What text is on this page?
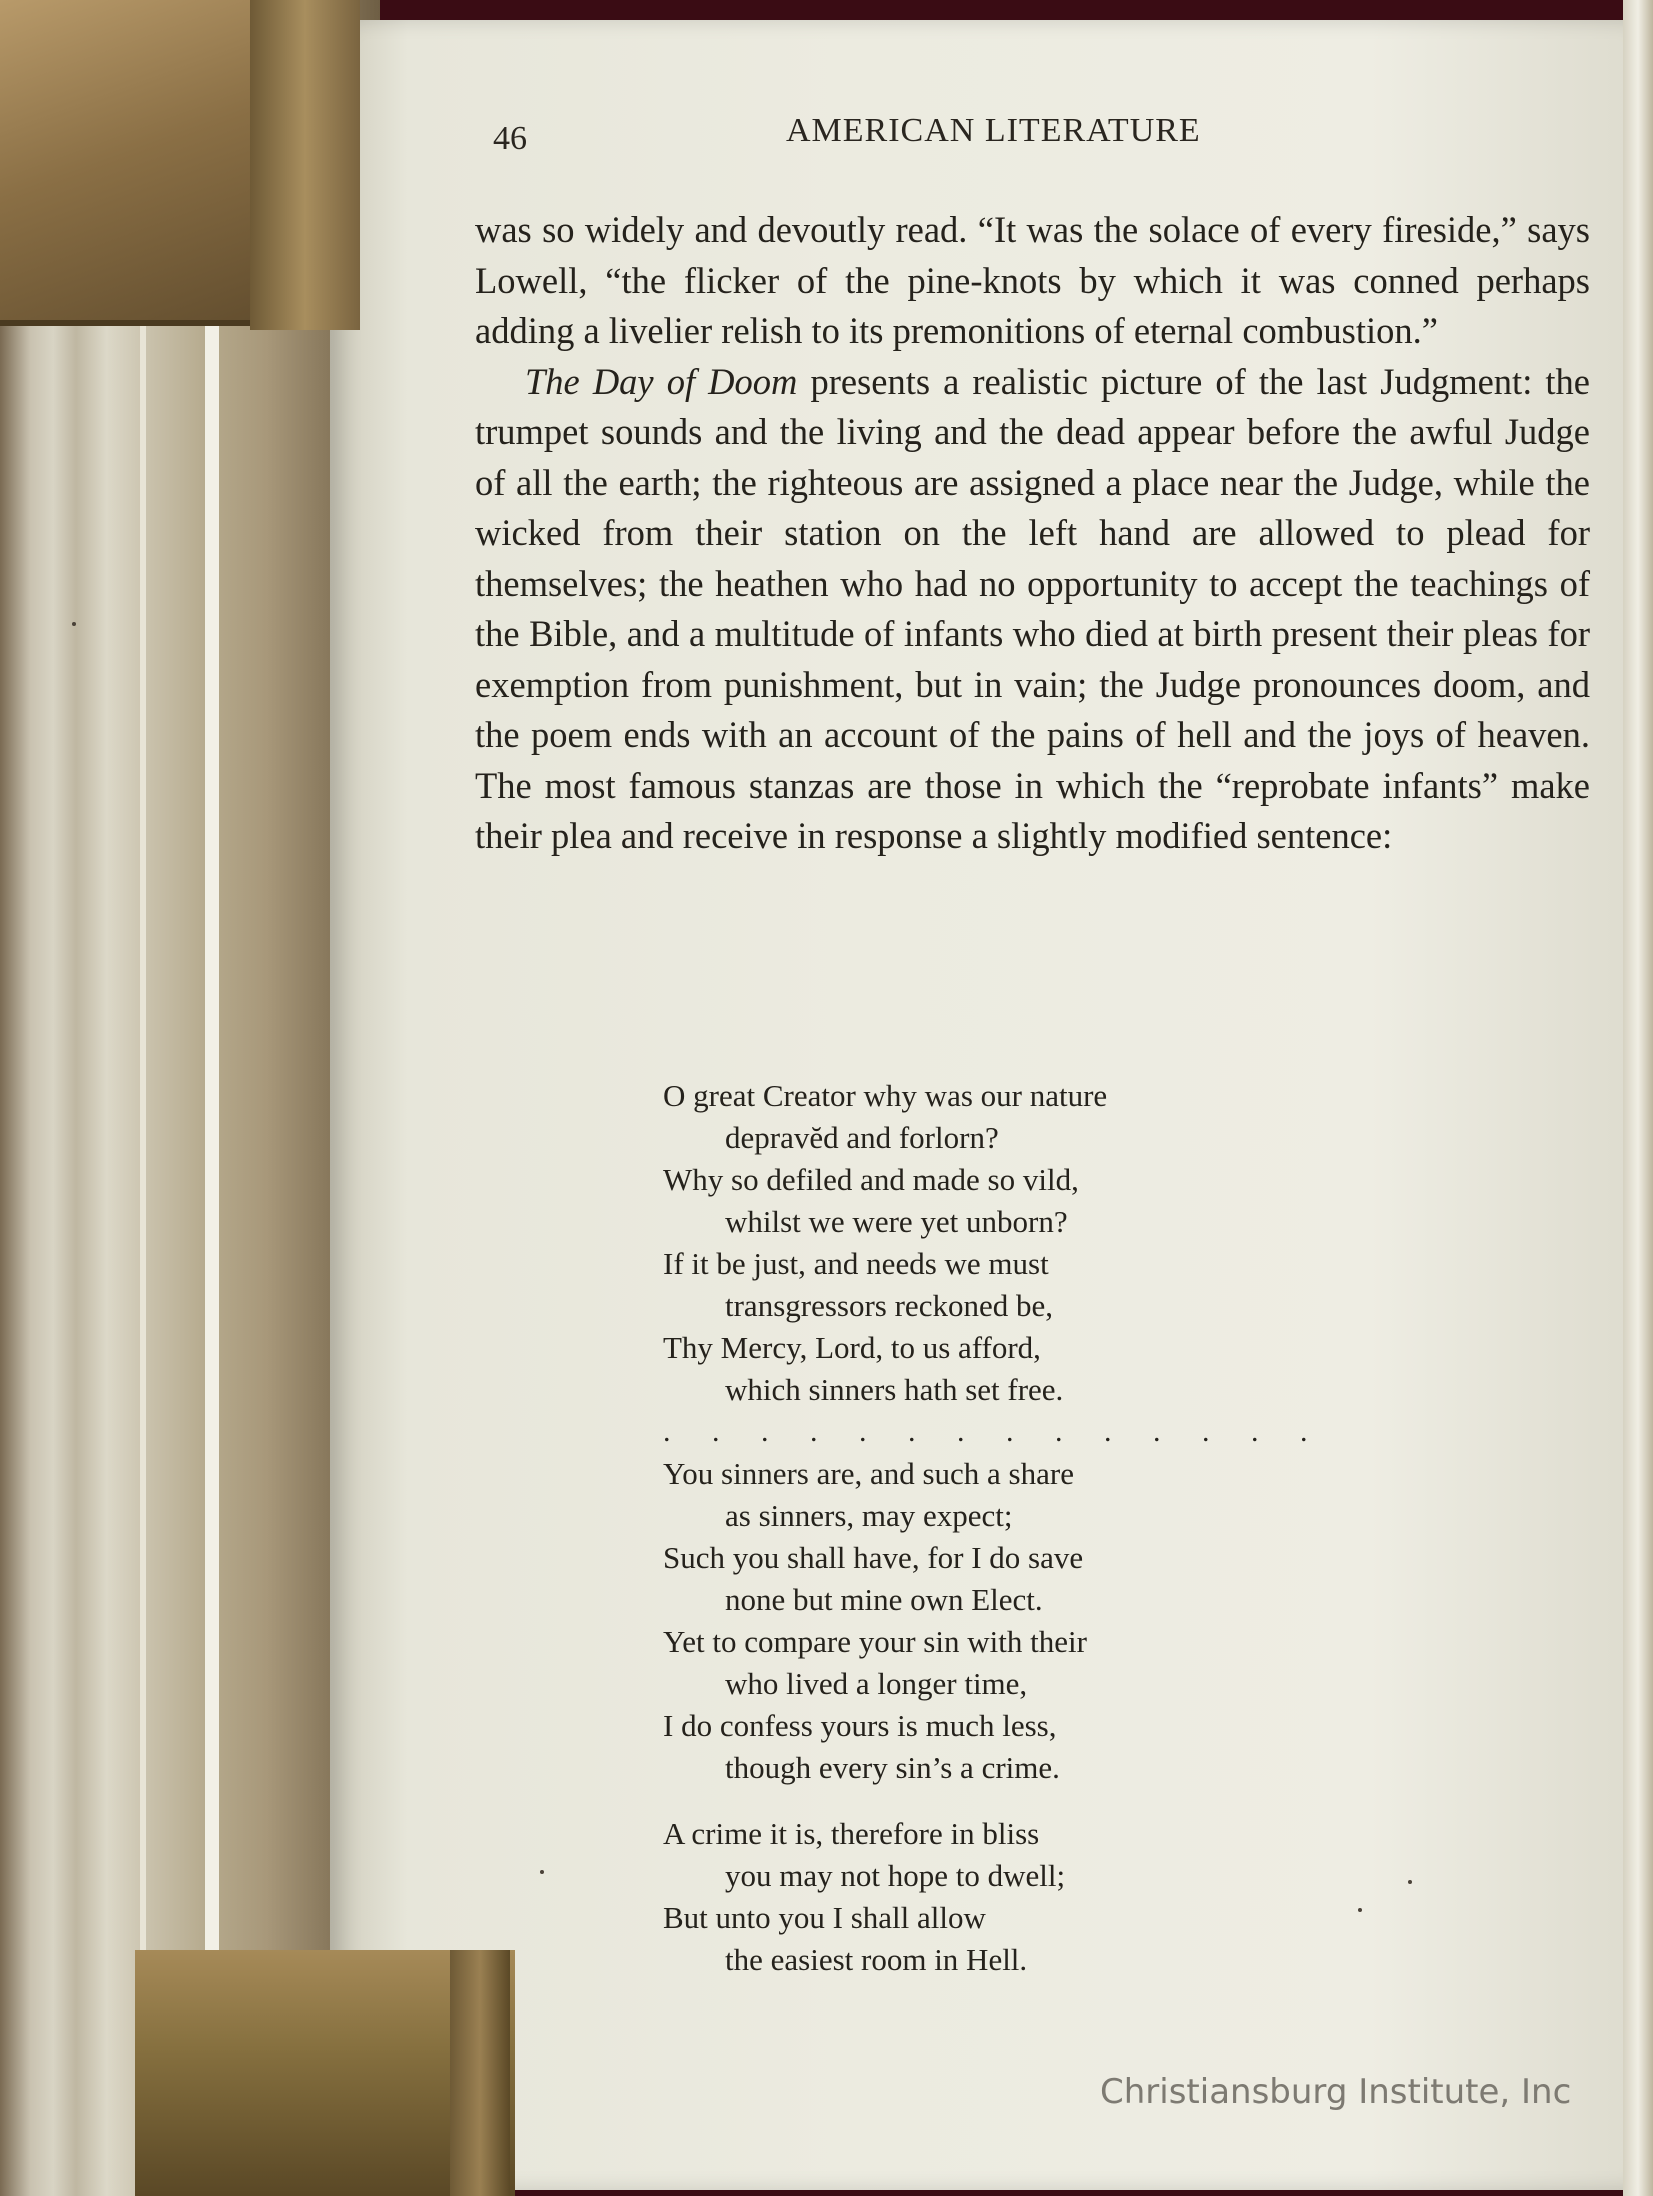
46	AMERICAN LITERATURE

was so widely and devoutly read. “It was the solace of every fireside,” says Lowell, “the flicker of the pine-knots by which it was conned perhaps adding a livelier relish to its premonitions of eternal combustion.”

The Day of Doom presents a realistic picture of the last Judgment: the trumpet sounds and the living and the dead appear before the awful Judge of all the earth; the righteous are assigned a place near the Judge, while the wicked from their station on the left hand are allowed to plead for themselves; the heathen who had no opportunity to accept the teachings of the Bible, and a multitude of infants who died at birth present their pleas for exemption from punishment, but in vain; the Judge pronounces doom, and the poem ends with an account of the pains of hell and the joys of heaven. The most famous stanzas are those in which the “reprobate infants” make their plea and receive in response a slightly modified sentence:

O great Creator why was our nature
depravĕd and forlorn?
Why so defiled and made so vild,
whilst we were yet unborn?
If it be just, and needs we must
transgressors reckoned be,
Thy Mercy, Lord, to us afford,
which sinners hath set free.
. . . . . . . . . . . . . .
You sinners are, and such a share
as sinners, may expect;
Such you shall have, for I do save
none but mine own Elect.
Yet to compare your sin with their
who lived a longer time,
I do confess yours is much less,
though every sin’s a crime.
A crime it is, therefore in bliss
you may not hope to dwell;
But unto you I shall allow
the easiest room in Hell.
Christiansburg Institute, Inc
